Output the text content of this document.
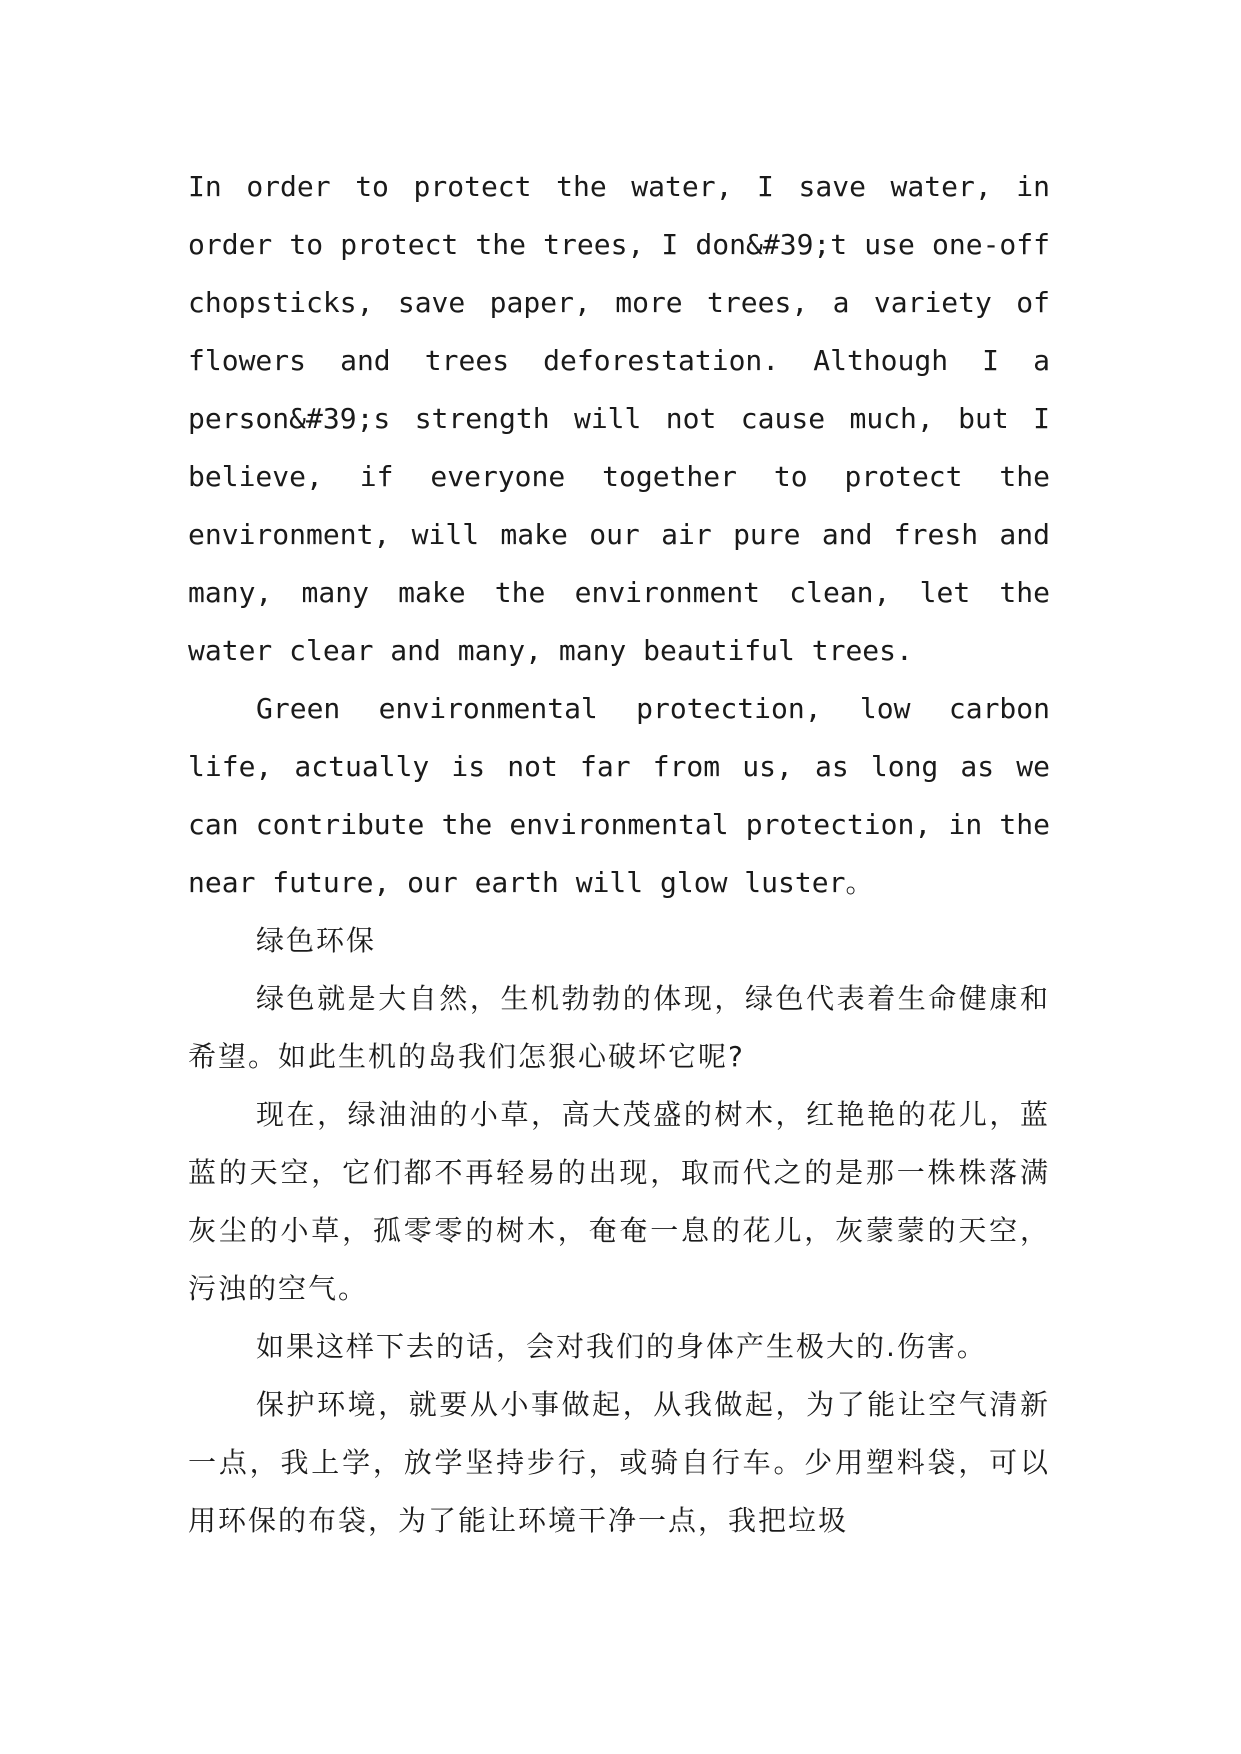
In order to protect the water, I save water, in order to protect the trees, I don&#39;t use one-off chopsticks, save paper, more trees, a variety of flowers and trees deforestation. Although I a person&#39;s strength will not cause much, but I believe, if everyone together to protect the environment, will make our air pure and fresh and many, many make the environment clean, let the water clear and many, many beautiful trees.

Green environmental protection, low carbon life, actually is not far from us, as long as we can contribute the environmental protection, in the near future, our earth will glow luster。

绿色环保

绿色就是大自然，生机勃勃的体现，绿色代表着生命健康和希望。如此生机的岛我们怎狠心破坏它呢?

现在，绿油油的小草，高大茂盛的树木，红艳艳的花儿，蓝蓝的天空，它们都不再轻易的出现，取而代之的是那一株株落满灰尘的小草，孤零零的树木，奄奄一息的花儿，灰蒙蒙的天空，污浊的空气。

如果这样下去的话，会对我们的身体产生极大的.伤害。

保护环境，就要从小事做起，从我做起，为了能让空气清新一点，我上学，放学坚持步行，或骑自行车。少用塑料袋，可以用环保的布袋，为了能让环境干净一点，我把垃圾
